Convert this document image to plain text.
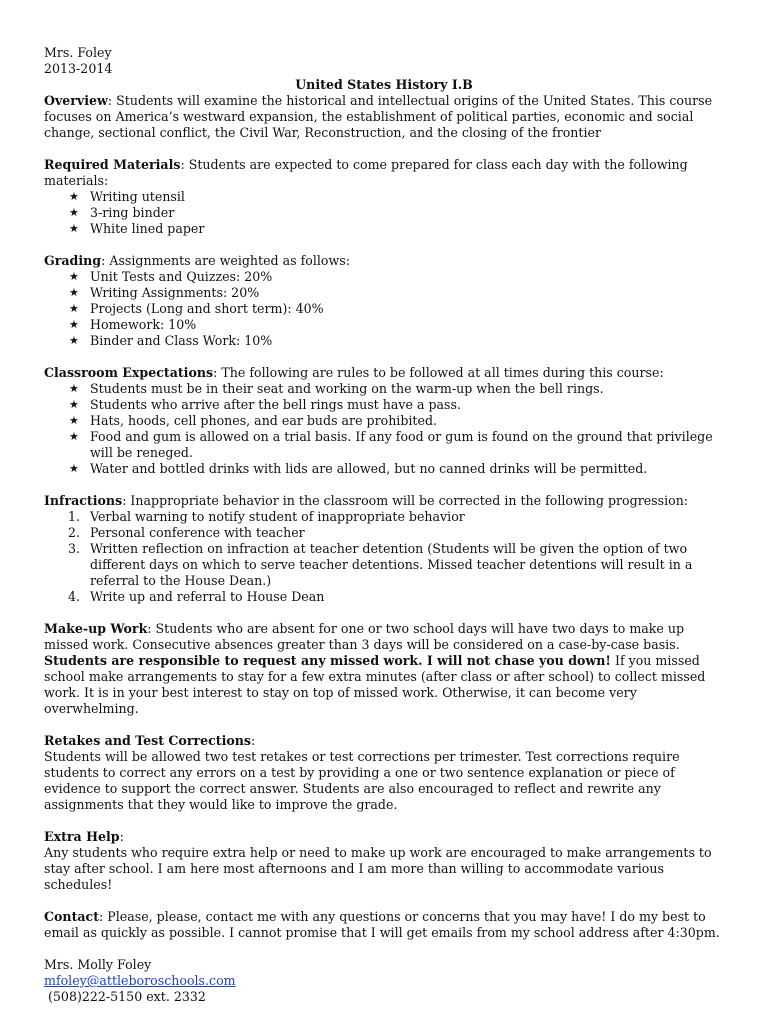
Mrs. Foley

2013-2014

United States History I.B

Overview: Students will examine the historical and intellectual origins of the United States. This course focuses on America’s westward expansion, the establishment of political parties, economic and social change, sectional conflict, the Civil War, Reconstruction, and the closing of the frontier

Required Materials: Students are expected to come prepared for class each day with the following materials:

★ Writing utensil
★ 3-ring binder
★ White lined paper

Grading: Assignments are weighted as follows:

★ Unit Tests and Quizzes: 20%
★ Writing Assignments: 20%
★ Projects (Long and short term): 40%
★ Homework: 10%
★ Binder and Class Work: 10%

Classroom Expectations: The following are rules to be followed at all times during this course:

★ Students must be in their seat and working on the warm-up when the bell rings.
★ Students who arrive after the bell rings must have a pass.
★ Hats, hoods, cell phones, and ear buds are prohibited.
★ Food and gum is allowed on a trial basis. If any food or gum is found on the ground that privilege will be reneged.
★ Water and bottled drinks with lids are allowed, but no canned drinks will be permitted.

Infractions: Inappropriate behavior in the classroom will be corrected in the following progression:

1. Verbal warning to notify student of inappropriate behavior
2. Personal conference with teacher
3. Written reflection on infraction at teacher detention (Students will be given the option of two different days on which to serve teacher detentions. Missed teacher detentions will result in a referral to the House Dean.)
4. Write up and referral to House Dean

Make-up Work: Students who are absent for one or two school days will have two days to make up missed work. Consecutive absences greater than 3 days will be considered on a case-by-case basis. Students are responsible to request any missed work. I will not chase you down! If you missed school make arrangements to stay for a few extra minutes (after class or after school) to collect missed work. It is in your best interest to stay on top of missed work. Otherwise, it can become very overwhelming.

Retakes and Test Corrections:

Students will be allowed two test retakes or test corrections per trimester. Test corrections require students to correct any errors on a test by providing a one or two sentence explanation or piece of evidence to support the correct answer. Students are also encouraged to reflect and rewrite any assignments that they would like to improve the grade.

Extra Help:

Any students who require extra help or need to make up work are encouraged to make arrangements to stay after school. I am here most afternoons and I am more than willing to accommodate various schedules!

Contact: Please, please, contact me with any questions or concerns that you may have! I do my best to email as quickly as possible. I cannot promise that I will get emails from my school address after 4:30pm.

Mrs. Molly Foley

mfoley@attleboroschools.com

(508)222-5150 ext. 2332
